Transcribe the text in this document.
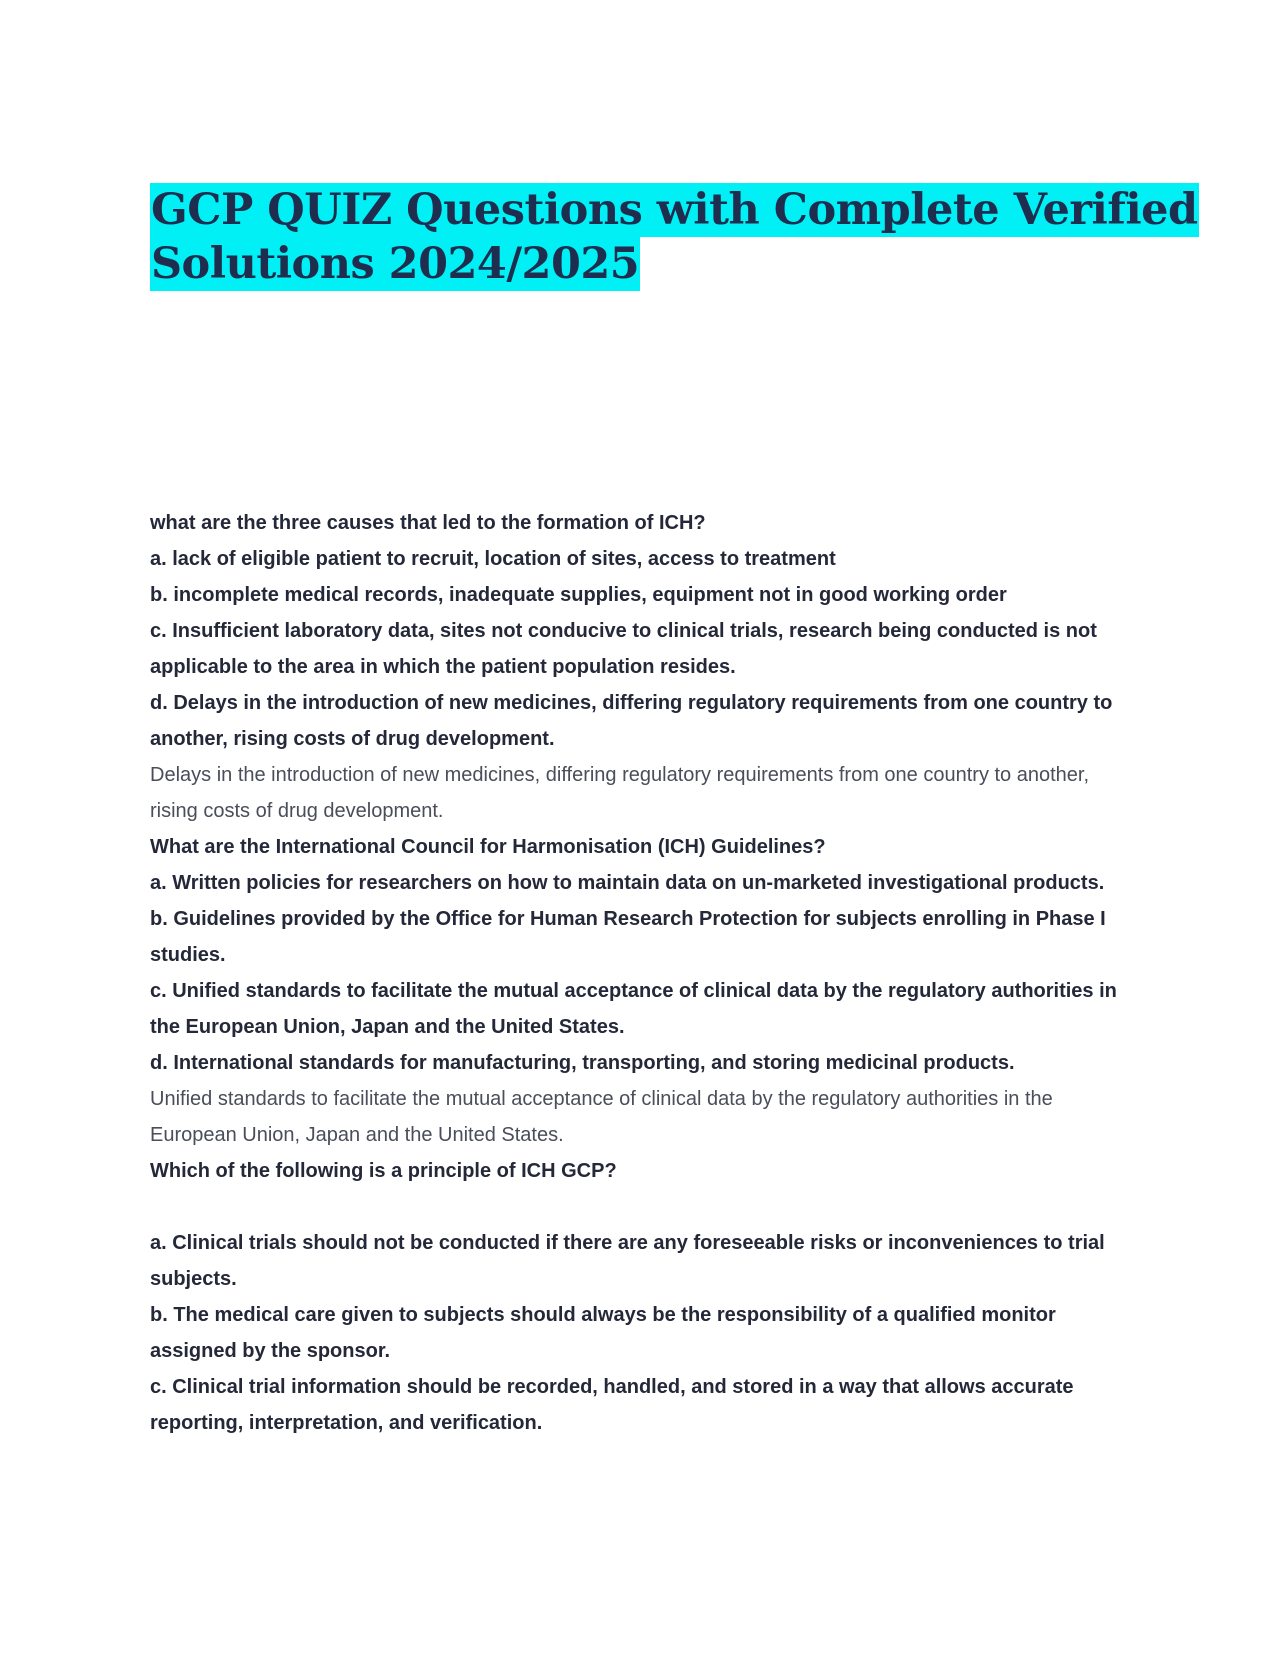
GCP QUIZ Questions with Complete Verified
Solutions 2024/2025
what are the three causes that led to the formation of ICH?
a. lack of eligible patient to recruit, location of sites, access to treatment
b. incomplete medical records, inadequate supplies, equipment not in good working order
c. Insufficient laboratory data, sites not conducive to clinical trials, research being conducted is not applicable to the area in which the patient population resides.
d. Delays in the introduction of new medicines, differing regulatory requirements from one country to another, rising costs of drug development.
Delays in the introduction of new medicines, differing regulatory requirements from one country to another, rising costs of drug development.
What are the International Council for Harmonisation (ICH) Guidelines?
a. Written policies for researchers on how to maintain data on un-marketed investigational products.
b. Guidelines provided by the Office for Human Research Protection for subjects enrolling in Phase I studies.
c. Unified standards to facilitate the mutual acceptance of clinical data by the regulatory authorities in the European Union, Japan and the United States.
d. International standards for manufacturing, transporting, and storing medicinal products.
Unified standards to facilitate the mutual acceptance of clinical data by the regulatory authorities in the European Union, Japan and the United States.
Which of the following is a principle of ICH GCP?
a. Clinical trials should not be conducted if there are any foreseeable risks or inconveniences to trial subjects.
b. The medical care given to subjects should always be the responsibility of a qualified monitor assigned by the sponsor.
c. Clinical trial information should be recorded, handled, and stored in a way that allows accurate reporting, interpretation, and verification.
